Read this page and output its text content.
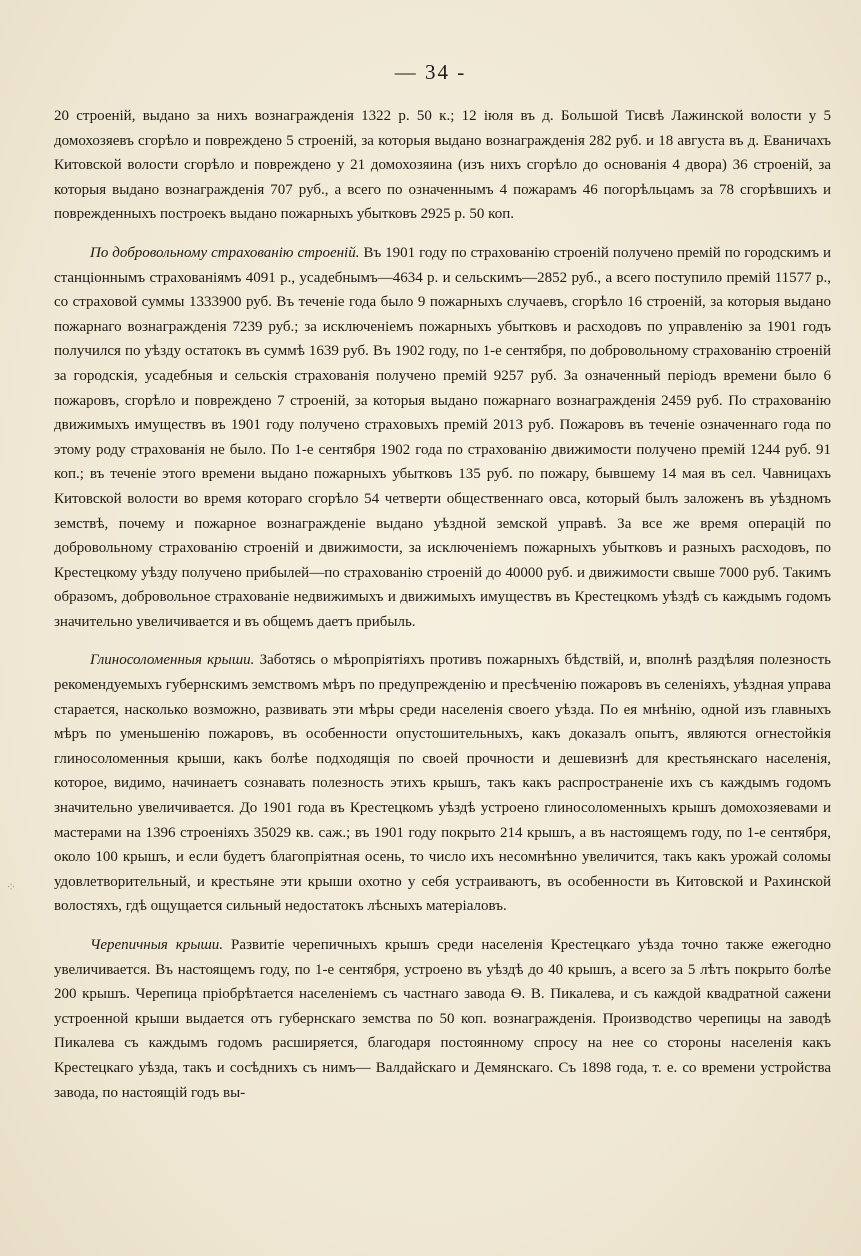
— 34 -
⁘

20 строеній, выдано за нихъ вознагражденія 1322 р. 50 к.; 12 іюля въ д. Большой Тисвѣ Лажинской волости у 5 домохозяевъ сгорѣло и повреждено 5 строеній, за которыя выдано вознагражденія 282 руб. и 18 августа въ д. Еваничахъ Китовской волости сгорѣло и повреждено у 21 домохозяина (изъ нихъ сгорѣло до основанія 4 двора) 36 строеній, за которыя выдано вознагражденія 707 руб., а всего по означеннымъ 4 пожарамъ 46 погорѣльцамъ за 78 сгорѣвшихъ и поврежденныхъ построекъ выдано пожарныхъ убытковъ 2925 р. 50 коп.

По добровольному страхованію строеній. Въ 1901 году по страхованію строеній получено премій по городскимъ и станціоннымъ страхованіямъ 4091 р., усадебнымъ—4634 р. и сельскимъ—2852 руб., а всего поступило премій 11577 р., со страховой суммы 1333900 руб. Въ теченіе года было 9 пожарныхъ случаевъ, сгорѣло 16 строеній, за которыя выдано пожарнаго вознагражденія 7239 руб.; за исключеніемъ пожарныхъ убытковъ и расходовъ по управленію за 1901 годъ получился по уѣзду остатокъ въ суммѣ 1639 руб. Въ 1902 году, по 1-е сентября, по добровольному страхованію строеній за городскія, усадебныя и сельскія страхованія получено премій 9257 руб. За означенный періодъ времени было 6 пожаровъ, сгорѣло и повреждено 7 строеній, за которыя выдано пожарнаго вознагражденія 2459 руб. По страхованію движимыхъ имуществъ въ 1901 году получено страховыхъ премій 2013 руб. Пожаровъ въ теченіе означеннаго года по этому роду страхованія не было. По 1-е сентября 1902 года по страхованію движимости получено премій 1244 руб. 91 коп.; въ теченіе этого времени выдано пожарныхъ убытковъ 135 руб. по пожару, бывшему 14 мая въ сел. Чавницахъ Китовской волости во время котораго сгорѣло 54 четверти общественнаго овса, который былъ заложенъ въ уѣздномъ земствѣ, почему и пожарное вознагражденіе выдано уѣздной земской управѣ. За все же время операцій по добровольному страхованію строеній и движимости, за исключеніемъ пожарныхъ убытковъ и разныхъ расходовъ, по Крестецкому уѣзду получено прибылей—по страхованію строеній до 40000 руб. и движимости свыше 7000 руб. Такимъ образомъ, добровольное страхованіе недвижимыхъ и движимыхъ имуществъ въ Крестецкомъ уѣздѣ съ каждымъ годомъ значительно увеличивается и въ общемъ даетъ прибыль.

Глиносоломенныя крыши. Заботясь о мѣропріятіяхъ противъ пожарныхъ бѣдствій, и, вполнѣ раздѣляя полезность рекомендуемыхъ губернскимъ земствомъ мѣръ по предупрежденію и пресѣченію пожаровъ въ селеніяхъ, уѣздная управа старается, насколько возможно, развивать эти мѣры среди населенія своего уѣзда. По ея мнѣнію, одной изъ главныхъ мѣръ по уменьшенію пожаровъ, въ особенности опустошительныхъ, какъ доказалъ опытъ, являются огнестойкія глиносоломенныя крыши, какъ болѣе подходящія по своей прочности и дешевизнѣ для крестьянскаго населенія, которое, видимо, начинаетъ сознавать полезность этихъ крышъ, такъ какъ распространеніе ихъ съ каждымъ годомъ значительно увеличивается. До 1901 года въ Крестецкомъ уѣздѣ устроено глиносоломенныхъ крышъ домохозяевами и мастерами на 1396 строеніяхъ 35029 кв. саж.; въ 1901 году покрыто 214 крышъ, а въ настоящемъ году, по 1-е сентября, около 100 крышъ, и если будетъ благопріятная осень, то число ихъ несомнѣнно увеличится, такъ какъ урожай соломы удовлетворительный, и крестьяне эти крыши охотно у себя устраиваютъ, въ особенности въ Китовской и Рахинской волостяхъ, гдѣ ощущается сильный недостатокъ лѣсныхъ матеріаловъ.

Черепичныя крыши. Развитіе черепичныхъ крышъ среди населенія Крестецкаго уѣзда точно также ежегодно увеличивается. Въ настоящемъ году, по 1-е сентября, устроено въ уѣздѣ до 40 крышъ, а всего за 5 лѣтъ покрыто болѣе 200 крышъ. Черепица пріобрѣтается населеніемъ съ частнаго завода Ѳ. В. Пикалева, и съ каждой квадратной сажени устроенной крыши выдается отъ губернскаго земства по 50 коп. вознагражденія. Производство черепицы на заводѣ Пикалева съ каждымъ годомъ расширяется, благодаря постоянному спросу на нее со стороны населенія какъ Крестецкаго уѣзда, такъ и сосѣднихъ съ нимъ— Валдайскаго и Демянскаго. Съ 1898 года, т. е. со времени устройства завода, по настоящій годъ вы-
